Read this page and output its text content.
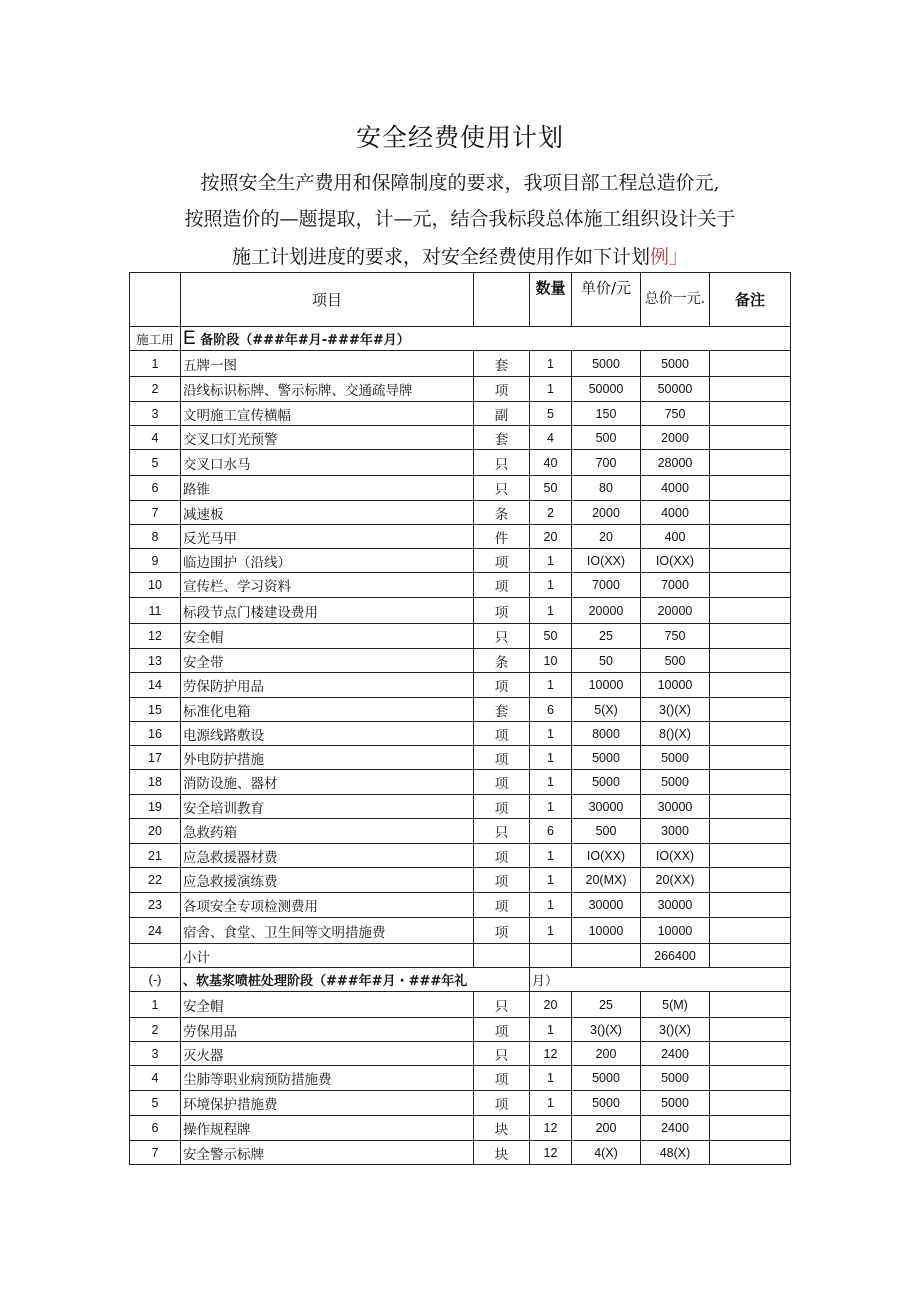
安全经费使用计划
按照安全生产费用和保障制度的要求，我项目部工程总造价元,
按照造价的—题提取，计—元，结合我标段总体施工组织设计关于
施工计划进度的要求，对安全经费使用作如下计划例」
	项目		数量	单价/元	总价一元.	备注
施工用	E 备阶段（###年#月-###年#月）					
1	五牌一图	套	1	5000	5000	
2	沿线标识标牌、警示标牌、交通疏导牌	项	1	50000	50000	
3	文明施工宣传横幅	副	5	150	750	
4	交叉口灯光预警	套	4	500	2000	
5	交叉口水马	只	40	700	28000	
6	路锥	只	50	80	4000	
7	减速板	条	2	2000	4000	
8	反光马甲	件	20	20	400	
9	临边围护（沿线）	项	1	IO(XX)	IO(XX)	
10	宣传栏、学习资料	项	1	7000	7000	
11	标段节点门楼建设费用	项	1	20000	20000	
12	安全帽	只	50	25	750	
13	安全带	条	10	50	500	
14	劳保防护用品	项	1	10000	10000	
15	标准化电箱	套	6	5(X)	3()(X)	
16	电源线路敷设	项	1	8000	8()(X)	
17	外电防护措施	项	1	5000	5000	
18	消防设施、器材	项	1	5000	5000	
19	安全培训教育	项	1	30000	30000	
20	急救药箱	只	6	500	3000	
21	应急救援器材费	项	1	IO(XX)	IO(XX)	
22	应急救援演练费	项	1	20(MX)	20(XX)	
23	各项安全专项检测费用	项	1	30000	30000	
24	宿舍、食堂、卫生间等文明措施费	项	1	10000	10000	
	小计				266400	
(-)	、软基浆喷桩处理阶段（###年#月・###年礼		月）			
1	安全帽	只	20	25	5(M)	
2	劳保用品	项	1	3()(X)	3()(X)	
3	灭火器	只	12	200	2400	
4	尘肺等职业病预防措施费	项	1	5000	5000	
5	环境保护措施费	项	1	5000	5000	
6	操作规程牌	块	12	200	2400	
7	安全警示标牌	块	12	4(X)	48(X)	
